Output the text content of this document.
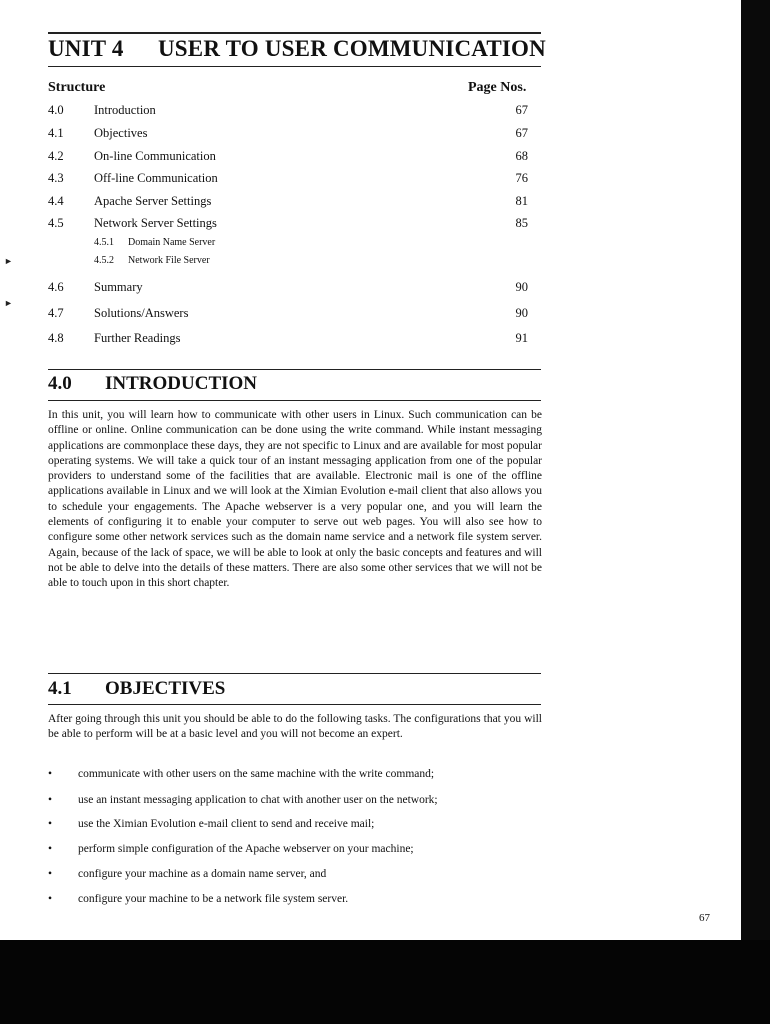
UNIT 4 USER TO USER COMMUNICATION
Structure	Page Nos.
4.0 Introduction	67
4.1 Objectives	67
4.2 On-line Communication	68
4.3 Off-line Communication	76
4.4 Apache Server Settings	81
4.5 Network Server Settings	85
4.5.1 Domain Name Server
4.5.2 Network File Server
4.6 Summary	90
4.7 Solutions/Answers	90
4.8 Further Readings	91
4.0 INTRODUCTION
In this unit, you will learn how to communicate with other users in Linux. Such communication can be offline or online. Online communication can be done using the write command. While instant messaging applications are commonplace these days, they are not specific to Linux and are available for most popular operating systems. We will take a quick tour of an instant messaging application from one of the popular providers to understand some of the facilities that are available. Electronic mail is one of the offline applications available in Linux and we will look at the Ximian Evolution e-mail client that also allows you to schedule your engagements. The Apache webserver is a very popular one, and you will learn the elements of configuring it to enable your computer to serve out web pages. You will also see how to configure some other network services such as the domain name service and a network file system server. Again, because of the lack of space, we will be able to look at only the basic concepts and features and will not be able to delve into the details of these matters. There are also some other services that we will not be able to touch upon in this short chapter.
4.1 OBJECTIVES
After going through this unit you should be able to do the following tasks. The configurations that you will be able to perform will be at a basic level and you will not become an expert.
• communicate with other users on the same machine with the write command;
• use an instant messaging application to chat with another user on the network;
• use the Ximian Evolution e-mail client to send and receive mail;
• perform simple configuration of the Apache webserver on your machine;
• configure your machine as a domain name server, and
• configure your machine to be a network file system server.
67
►
►
